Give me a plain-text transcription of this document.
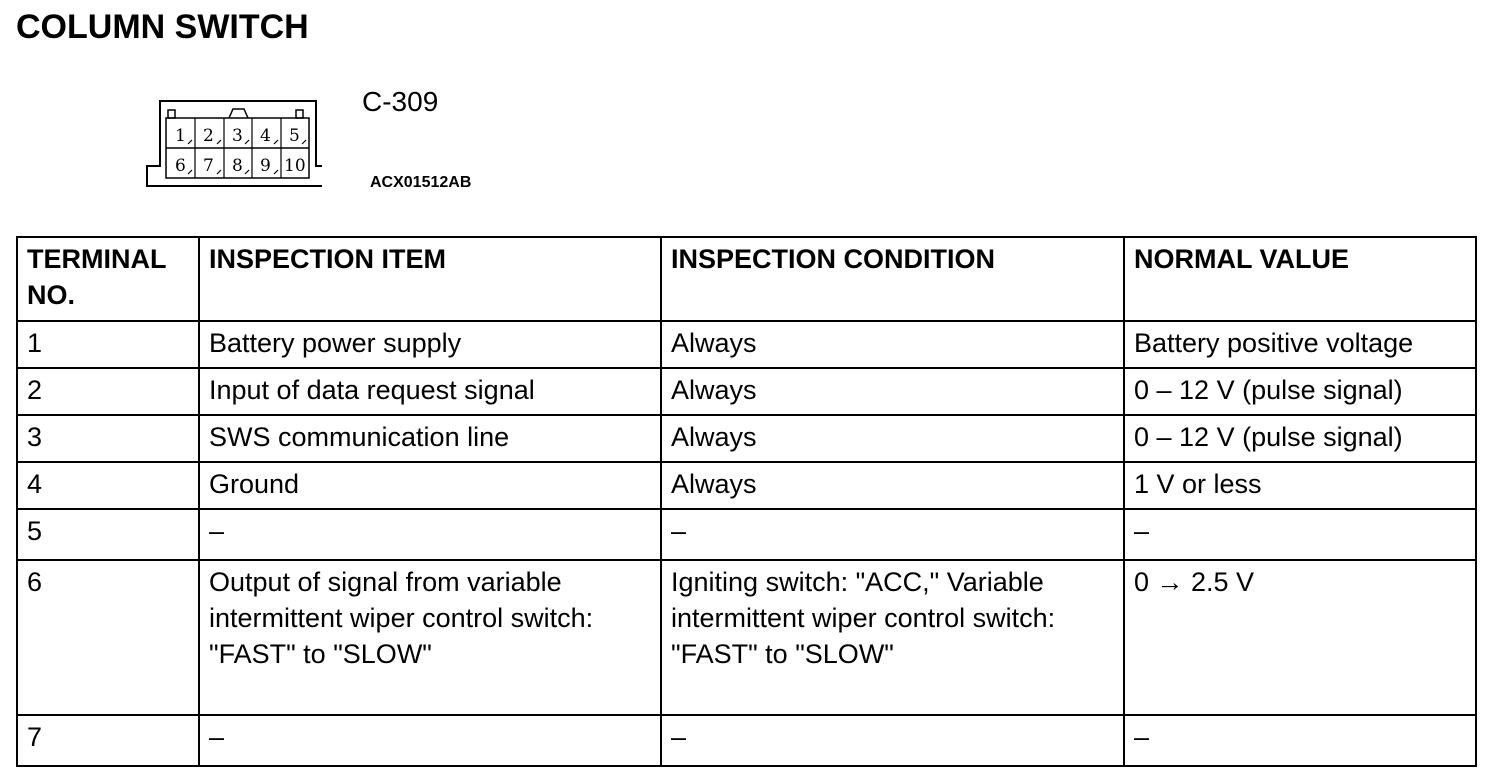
COLUMN SWITCH
1 2 3 4 5
6 7 8 9 10
C-309
ACX01512AB
TERMINAL NO.	INSPECTION ITEM	INSPECTION CONDITION	NORMAL VALUE
1	Battery power supply	Always	Battery positive voltage
2	Input of data request signal	Always	0 – 12 V (pulse signal)
3	SWS communication line	Always	0 – 12 V (pulse signal)
4	Ground	Always	1 V or less
5	–	–	–
6	Output of signal from variable intermittent wiper control switch: "FAST" to "SLOW"	Igniting switch: "ACC," Variable intermittent wiper control switch: "FAST" to "SLOW"	0 → 2.5 V
7	–	–	–
